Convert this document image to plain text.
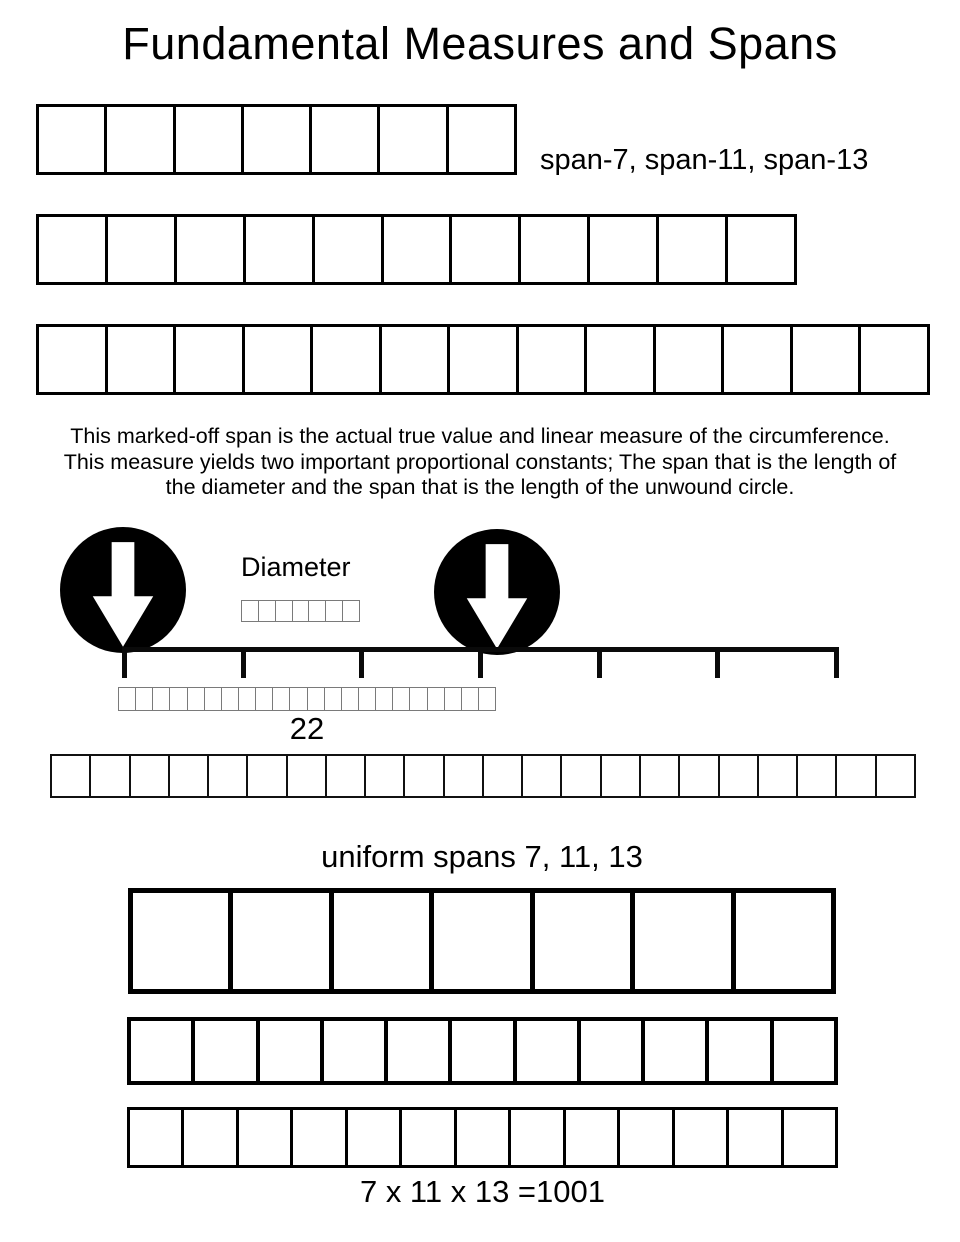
Fundamental Measures and Spans
span-7, span-11, span-13
This marked-off span is the actual true value and linear measure of the circumference.
This measure yields two important proportional constants; The span that is the length of
the diameter and the span that is the length of the unwound circle.
Diameter
22
uniform spans 7, 11, 13
7 x 11 x 13 =1001
